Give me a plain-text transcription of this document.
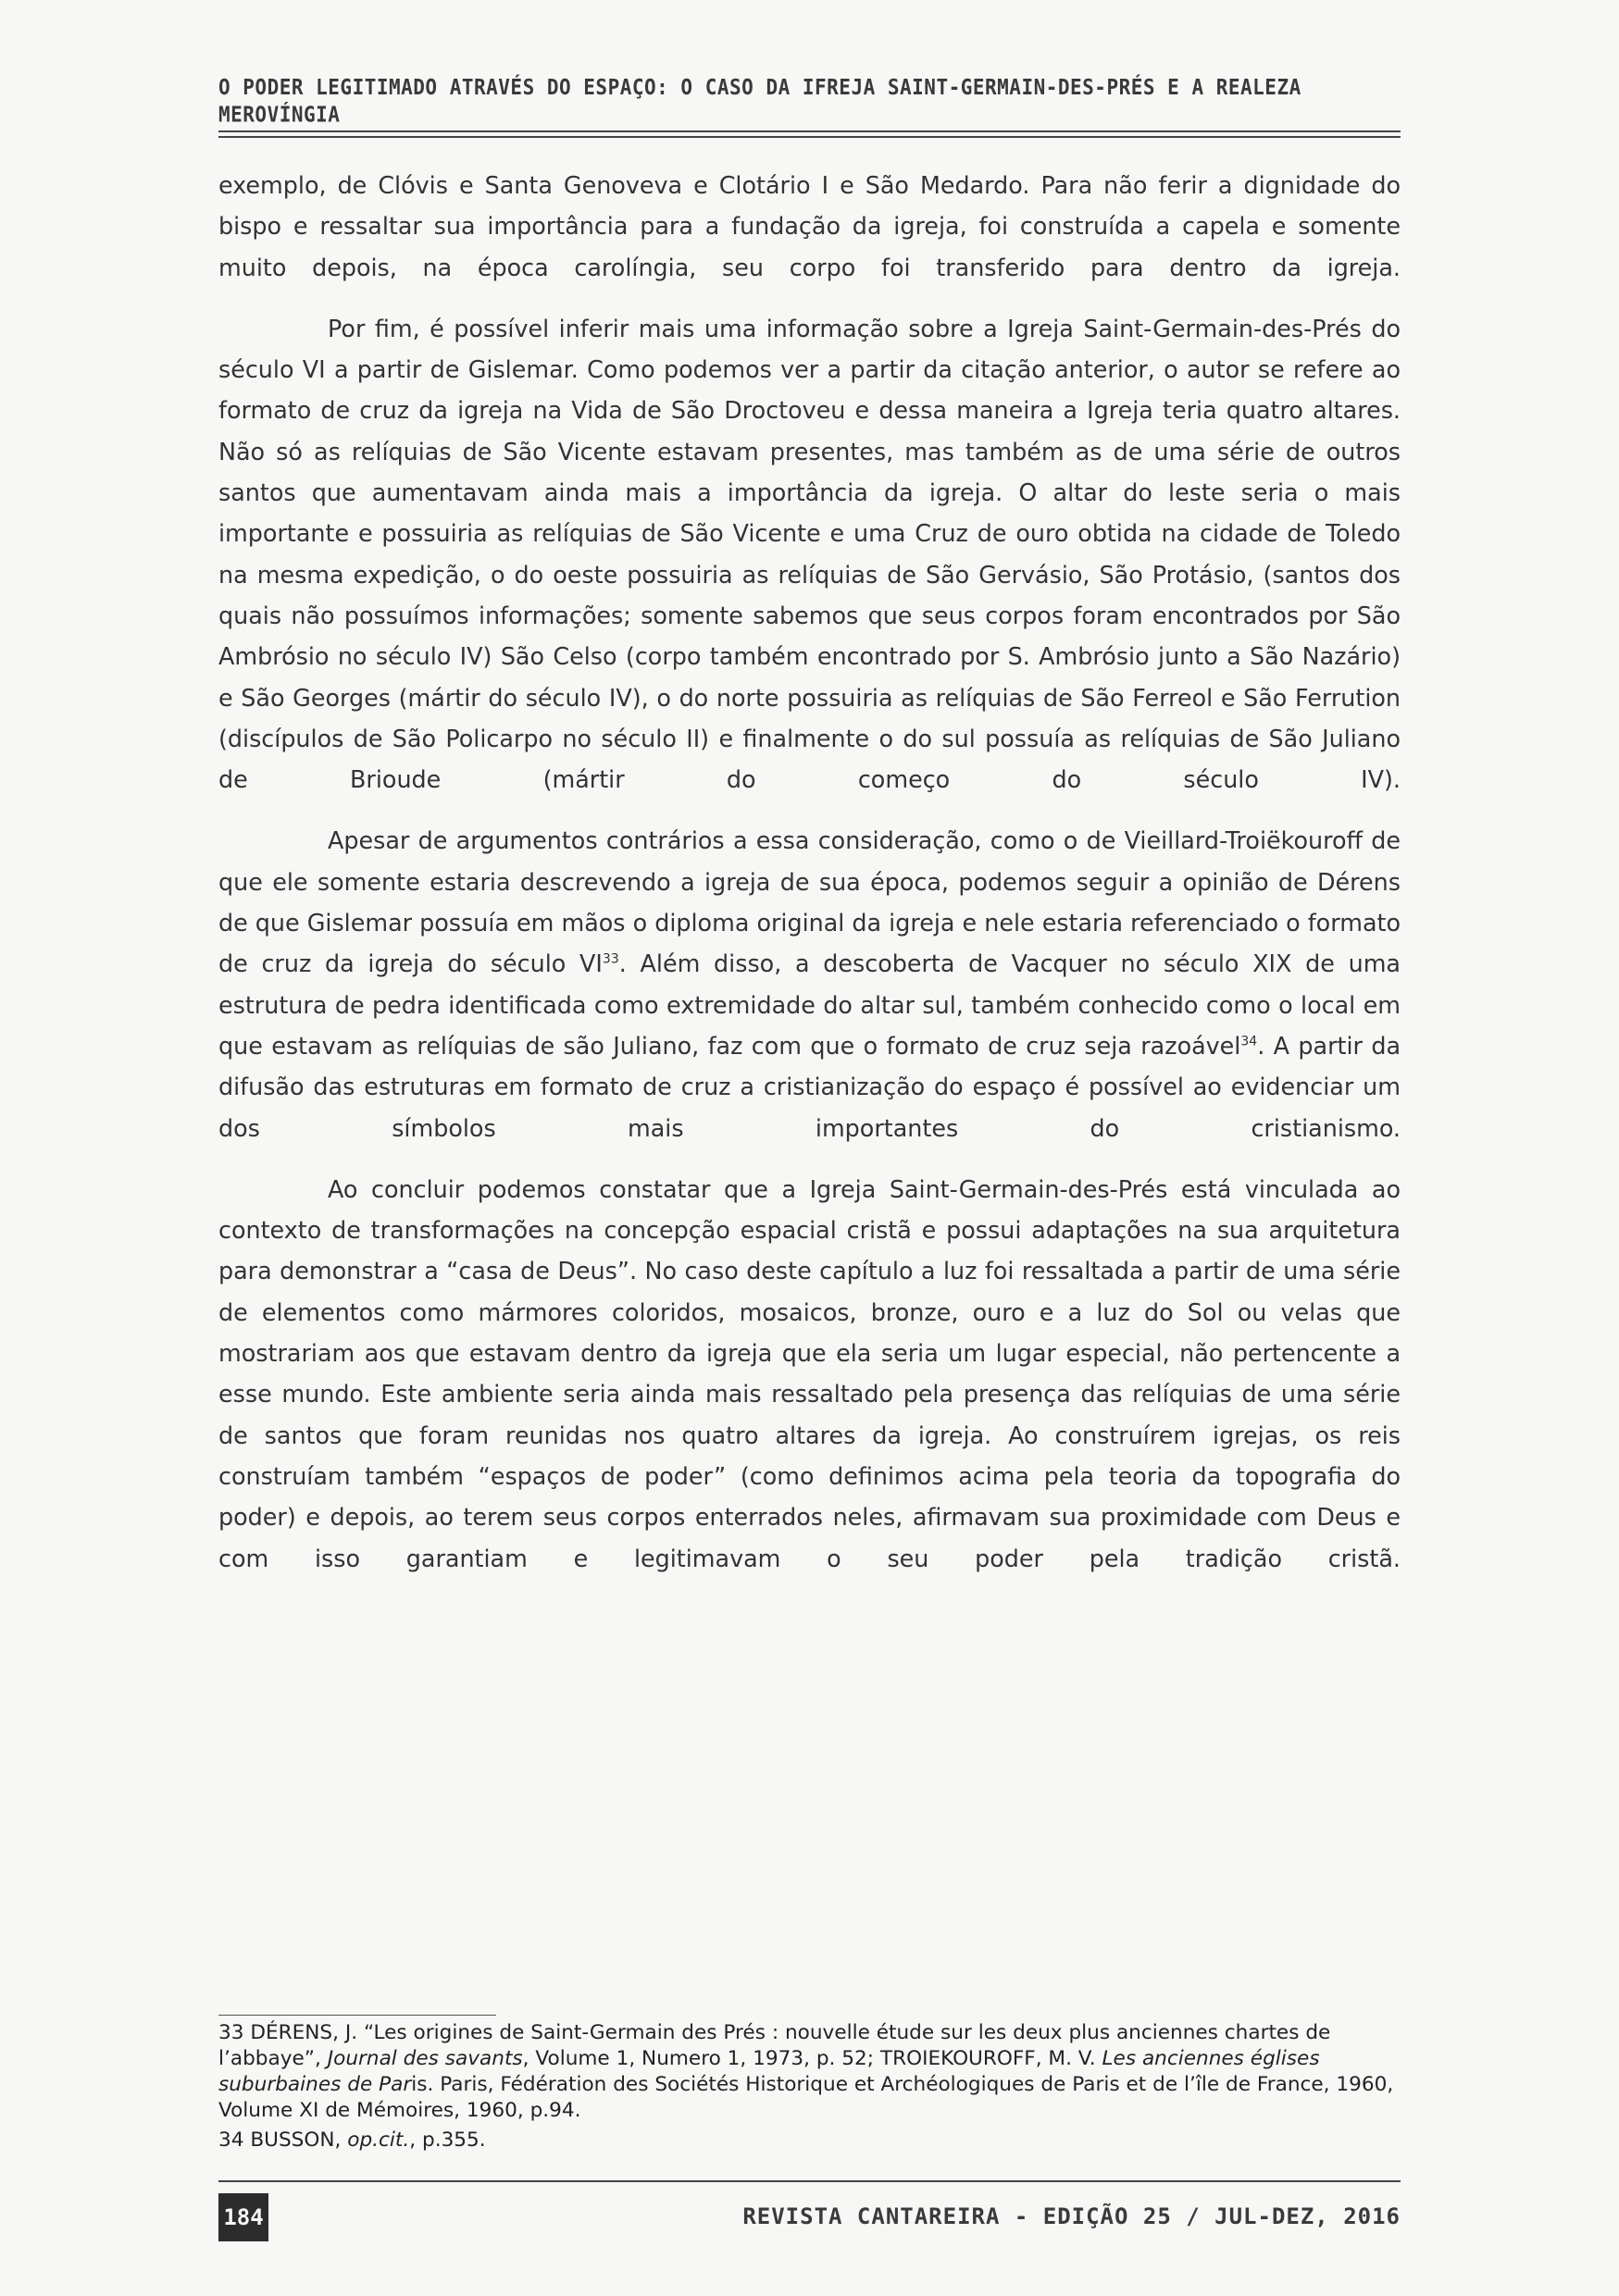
O PODER LEGITIMADO ATRAVÉS DO ESPAÇO: O CASO DA IFREJA SAINT-GERMAIN-DES-PRÉS E A REALEZA MEROVÍNGIA

exemplo, de Clóvis e Santa Genoveva e Clotário I e São Medardo. Para não ferir a dignidade do bispo e ressaltar sua importância para a fundação da igreja, foi construída a capela e somente muito depois, na época carolíngia, seu corpo foi transferido para dentro da igreja.

Por fim, é possível inferir mais uma informação sobre a Igreja Saint-Germain-des-Prés do século VI a partir de Gislemar. Como podemos ver a partir da citação anterior, o autor se refere ao formato de cruz da igreja na Vida de São Droctoveu e dessa maneira a Igreja teria quatro altares. Não só as relíquias de São Vicente estavam presentes, mas também as de uma série de outros santos que aumentavam ainda mais a importância da igreja. O altar do leste seria o mais importante e possuiria as relíquias de São Vicente e uma Cruz de ouro obtida na cidade de Toledo na mesma expedição, o do oeste possuiria as relíquias de São Gervásio, São Protásio, (santos dos quais não possuímos informações; somente sabemos que seus corpos foram encontrados por São Ambrósio no século IV) São Celso (corpo também encontrado por S. Ambrósio junto a São Nazário) e São Georges (mártir do século IV), o do norte possuiria as relíquias de São Ferreol e São Ferrution (discípulos de São Policarpo no século II) e finalmente o do sul possuía as relíquias de São Juliano de Brioude (mártir do começo do século IV).

Apesar de argumentos contrários a essa consideração, como o de Vieillard-Troiëkouroff de que ele somente estaria descrevendo a igreja de sua época, podemos seguir a opinião de Dérens de que Gislemar possuía em mãos o diploma original da igreja e nele estaria referenciado o formato de cruz da igreja do século VI$^{33}$. Além disso, a descoberta de Vacquer no século XIX de uma estrutura de pedra identificada como extremidade do altar sul, também conhecido como o local em que estavam as relíquias de são Juliano, faz com que o formato de cruz seja razoável$^{34}$. A partir da difusão das estruturas em formato de cruz a cristianização do espaço é possível ao evidenciar um dos símbolos mais importantes do cristianismo.

Ao concluir podemos constatar que a Igreja Saint-Germain-des-Prés está vinculada ao contexto de transformações na concepção espacial cristã e possui adaptações na sua arquitetura para demonstrar a “casa de Deus”. No caso deste capítulo a luz foi ressaltada a partir de uma série de elementos como mármores coloridos, mosaicos, bronze, ouro e a luz do Sol ou velas que mostrariam aos que estavam dentro da igreja que ela seria um lugar especial, não pertencente a esse mundo. Este ambiente seria ainda mais ressaltado pela presença das relíquias de uma série de santos que foram reunidas nos quatro altares da igreja. Ao construírem igrejas, os reis construíam também “espaços de poder” (como definimos acima pela teoria da topografia do poder) e depois, ao terem seus corpos enterrados neles, afirmavam sua proximidade com Deus e com isso garantiam e legitimavam o seu poder pela tradição cristã.

33 DÉRENS, J. “Les origines de Saint-Germain des Prés : nouvelle étude sur les deux plus anciennes chartes de l’abbaye”, Journal des savants, Volume 1, Numero 1, 1973, p. 52; TROIEKOUROFF, M. V. Les anciennes églises suburbaines de Paris. Paris, Fédération des Sociétés Historique et Archéologiques de Paris et de l’île de France, 1960, Volume XI de Mémoires, 1960, p.94.

34 BUSSON, op.cit., p.355.

184	REVISTA CANTAREIRA - EDIÇÃO 25 / JUL-DEZ, 2016
